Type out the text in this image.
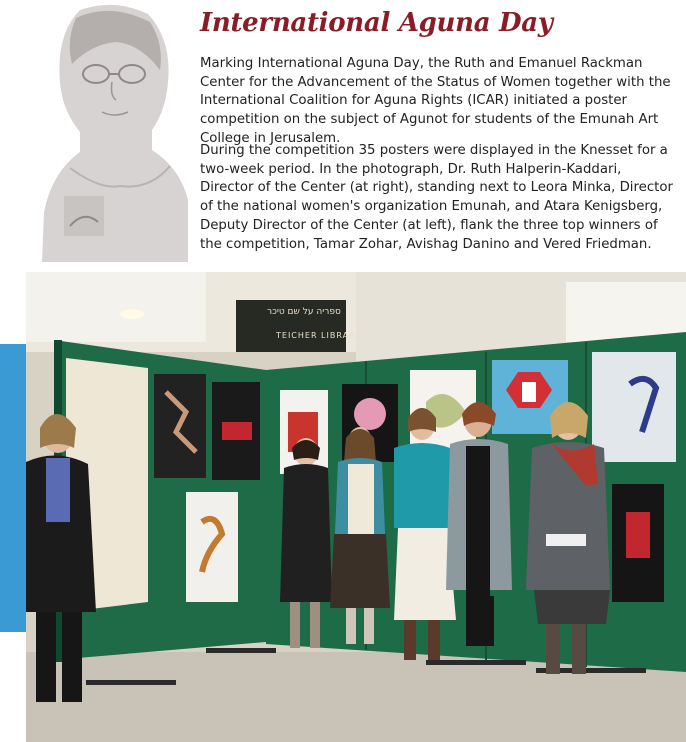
International Aguna Day

Marking International Aguna Day, the Ruth and Emanuel Rackman Center for the Advancement of the Status of Women together with the International Coalition for Aguna Rights (ICAR) initiated a poster competition on the subject of Agunot for students of the Emunah Art College in Jerusalem.

During the competition 35 posters were displayed in the Knesset for a two-week period. In the photograph, Dr. Ruth Halperin-Kaddari, Director of the Center (at right), standing next to Leora Minka, Director of the national women's organization Emunah, and Atara Kenigsberg, Deputy Director of the Center (at left), flank the three top winners of the competition, Tamar Zohar, Avishag Danino and Vered Friedman.

ספריה על שם טיכר
TEICHER LIBRARY
